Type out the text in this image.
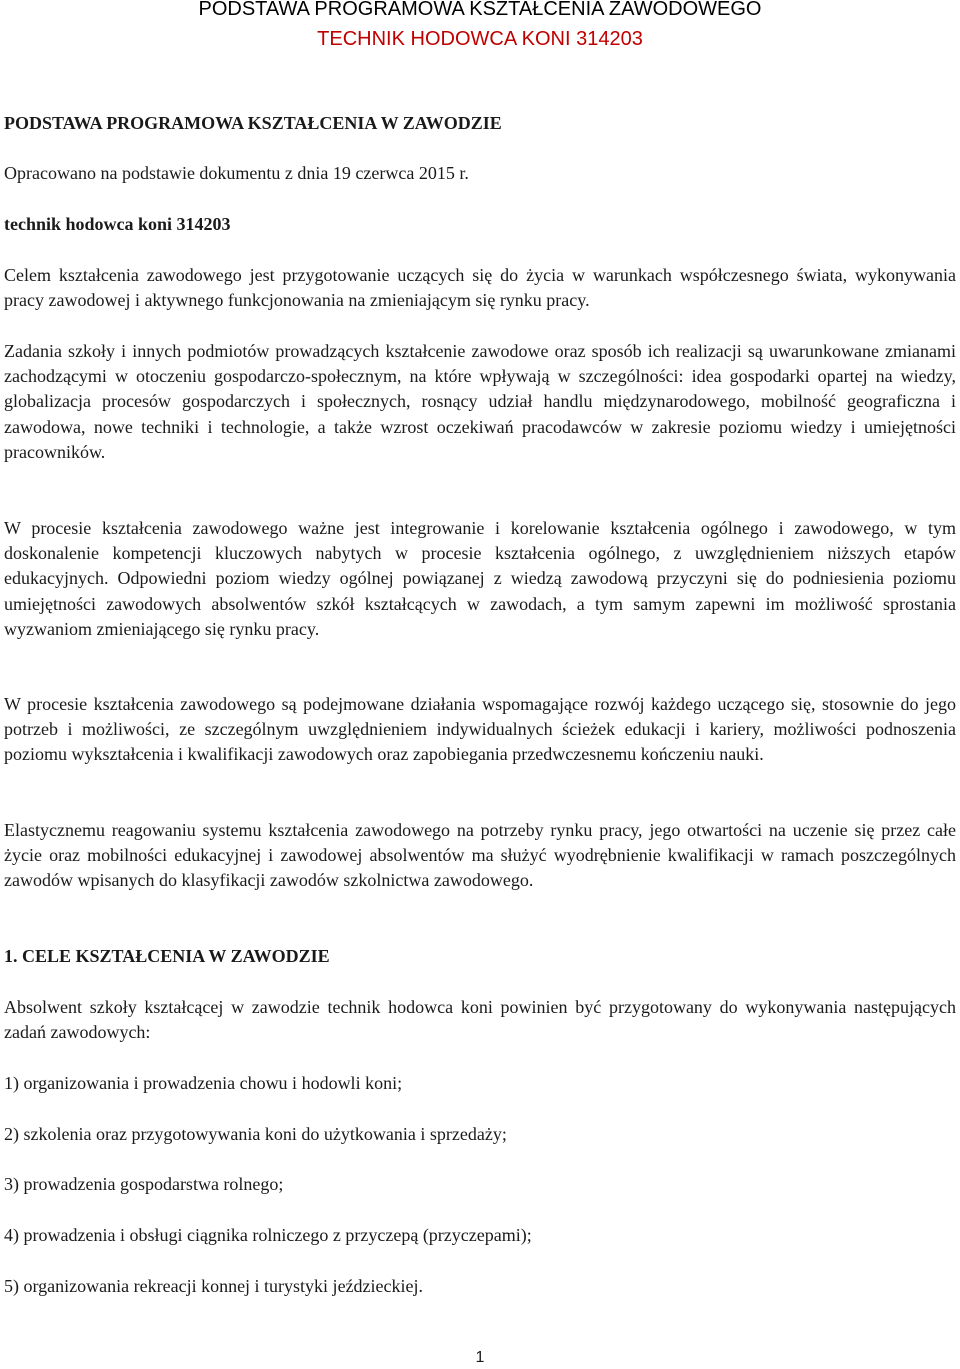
PODSTAWA PROGRAMOWA KSZTAŁCENIA ZAWODOWEGO
TECHNIK HODOWCA KONI 314203

PODSTAWA PROGRAMOWA KSZTAŁCENIA W ZAWODZIE

Opracowano na podstawie dokumentu z dnia 19 czerwca 2015 r.

technik hodowca koni 314203

Celem kształcenia zawodowego jest przygotowanie uczących się do życia w warunkach współczesnego świata, wykonywania pracy zawodowej i aktywnego funkcjonowania na zmieniającym się rynku pracy.

Zadania szkoły i innych podmiotów prowadzących kształcenie zawodowe oraz sposób ich realizacji są uwarunkowane zmianami zachodzącymi w otoczeniu gospodarczo-społecznym, na które wpływają w szczególności: idea gospodarki opartej na wiedzy, globalizacja procesów gospodarczych i społecznych, rosnący udział handlu międzynarodowego, mobilność geograficzna i zawodowa, nowe techniki i technologie, a także wzrost oczekiwań pracodawców w zakresie poziomu wiedzy i umiejętności pracowników.

W procesie kształcenia zawodowego ważne jest integrowanie i korelowanie kształcenia ogólnego i zawodowego, w tym doskonalenie kompetencji kluczowych nabytych w procesie kształcenia ogólnego, z uwzględnieniem niższych etapów edukacyjnych. Odpowiedni poziom wiedzy ogólnej powiązanej z wiedzą zawodową przyczyni się do podniesienia poziomu umiejętności zawodowych absolwentów szkół kształcących w zawodach, a tym samym zapewni im możliwość sprostania wyzwaniom zmieniającego się rynku pracy.

W procesie kształcenia zawodowego są podejmowane działania wspomagające rozwój każdego uczącego się, stosownie do jego potrzeb i możliwości, ze szczególnym uwzględnieniem indywidualnych ścieżek edukacji i kariery, możliwości podnoszenia poziomu wykształcenia i kwalifikacji zawodowych oraz zapobiegania przedwczesnemu kończeniu nauki.

Elastycznemu reagowaniu systemu kształcenia zawodowego na potrzeby rynku pracy, jego otwartości na uczenie się przez całe życie oraz mobilności edukacyjnej i zawodowej absolwentów ma służyć wyodrębnienie kwalifikacji w ramach poszczególnych zawodów wpisanych do klasyfikacji zawodów szkolnictwa zawodowego.

1. CELE KSZTAŁCENIA W ZAWODZIE

Absolwent szkoły kształcącej w zawodzie technik hodowca koni powinien być przygotowany do wykonywania następujących zadań zawodowych:

1) organizowania i prowadzenia chowu i hodowli koni;

2) szkolenia oraz przygotowywania koni do użytkowania i sprzedaży;

3) prowadzenia gospodarstwa rolnego;

4) prowadzenia i obsługi ciągnika rolniczego z przyczepą (przyczepami);

5) organizowania rekreacji konnej i turystyki jeździeckiej.

1
